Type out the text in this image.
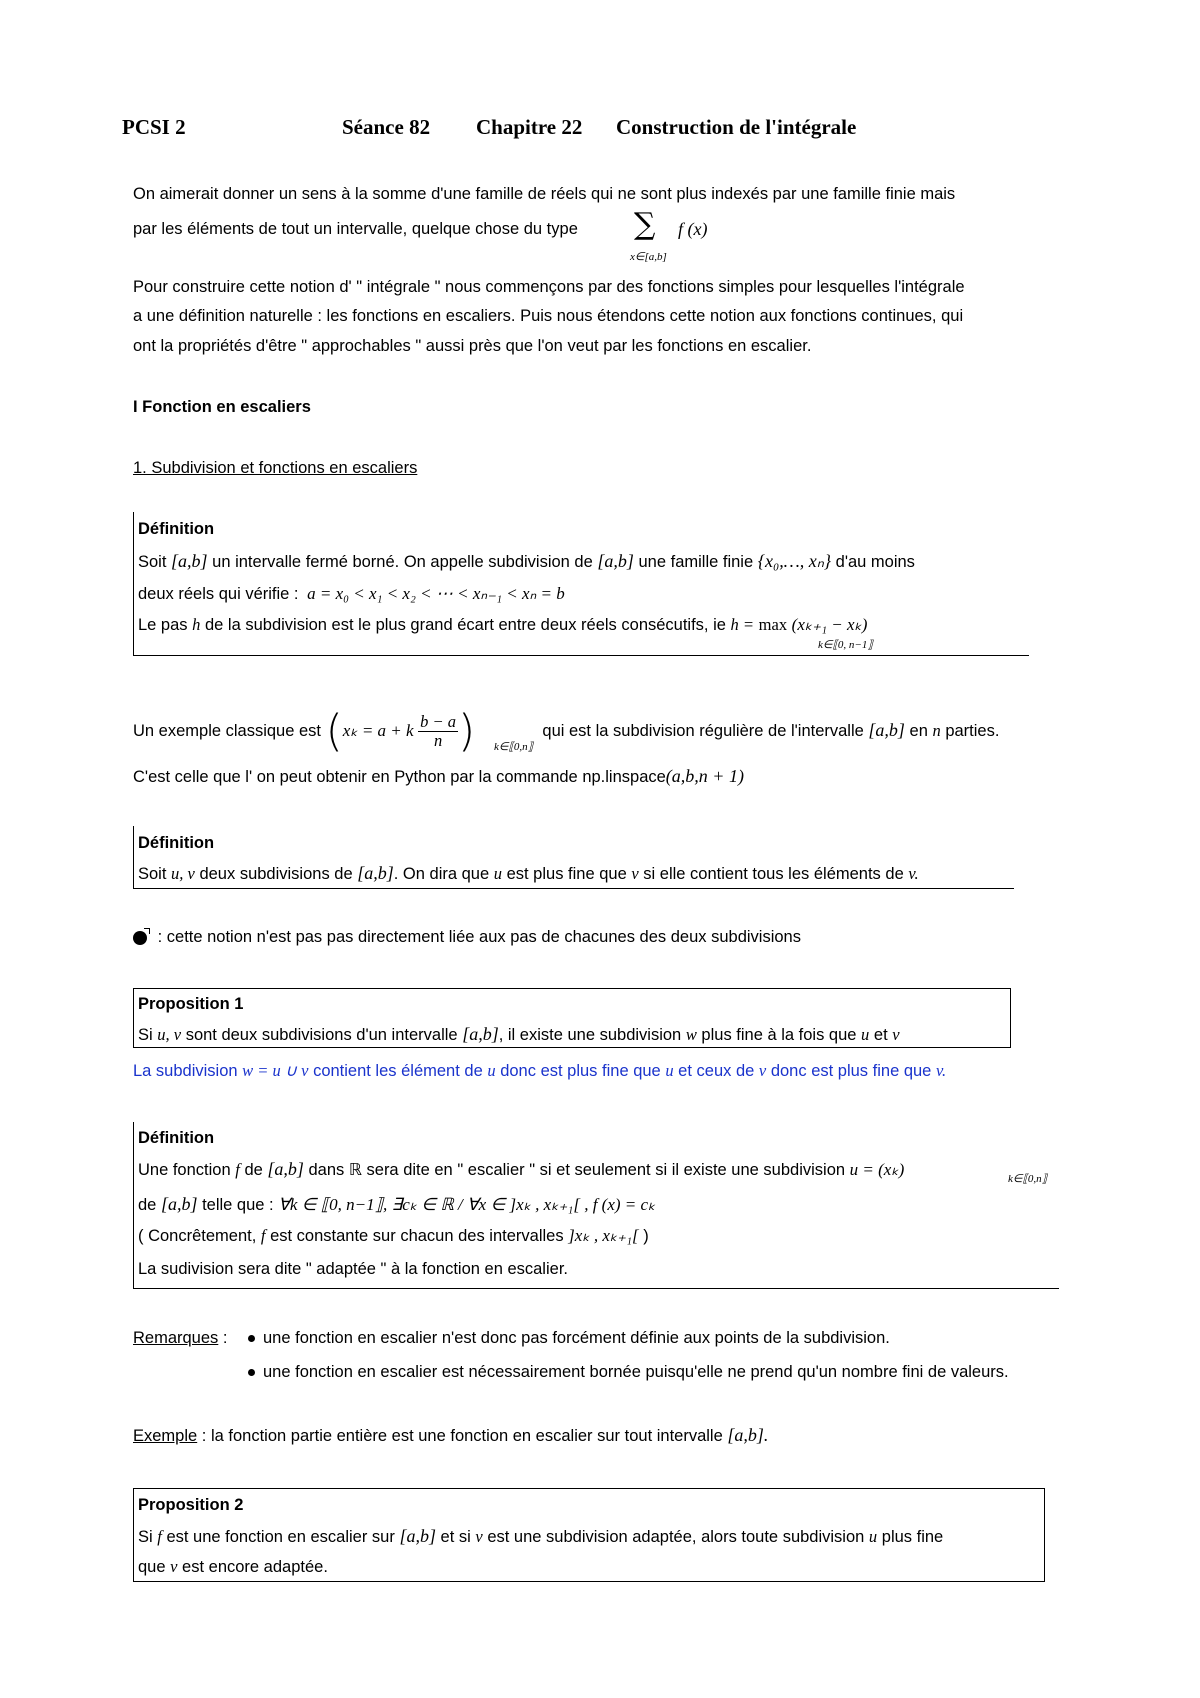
PCSI 2	Séance 82 Chapitre 22 Construction de l'intégrale
On aimerait donner un sens à la somme d'une famille de réels qui ne sont plus indexés par une famille finie mais
par les éléments de tout un intervalle, quelque chose du type ∑ f (x)
x∈[a,b]
Pour construire cette notion d' " intégrale " nous commençons par des fonctions simples pour lesquelles l'intégrale
a une définition naturelle : les fonctions en escaliers. Puis nous étendons cette notion aux fonctions continues, qui
ont la propriétés d'être " approchables " aussi près que l'on veut par les fonctions en escalier.
I Fonction en escaliers
1. Subdivision et fonctions en escaliers
Définition
Soit [a,b] un intervalle fermé borné. On appelle subdivision de [a,b] une famille finie {x₀,…, xₙ} d'au moins
deux réels qui vérifie : a = x₀ < x₁ < x₂ < ⋯ < xₙ₋₁ < xₙ = b
Le pas h de la subdivision est le plus grand écart entre deux réels consécutifs, ie h = max (xₖ₊₁ − xₖ)
k∈⟦0, n−1⟧
Un exemple classique est (xₖ = a + k $\frac{b - a}{n}$ )	qui est la subdivision régulière de l'intervalle [a,b] en n parties.
k∈⟦0,n⟧
C'est celle que l' on peut obtenir en Python par la commande np.linspace(a,b,n + 1)
Définition
Soit u, v deux subdivisions de [a,b]. On dira que u est plus fine que v si elle contient tous les éléments de v.
: cette notion n'est pas pas directement liée aux pas de chacunes des deux subdivisions
Proposition 1
Si u, v sont deux subdivisions d'un intervalle [a,b], il existe une subdivision w plus fine à la fois que u et v
La subdivision w = u ∪ v contient les élément de u donc est plus fine que u et ceux de v donc est plus fine que v.
Définition
Une fonction f de [a,b] dans ℝ sera dite en " escalier " si et seulement si il existe une subdivision u = (xₖ)	k∈⟦0,n⟧
de [a,b] telle que : ∀k ∈ ⟦0, n−1⟧, ∃cₖ ∈ ℝ / ∀x ∈ ]xₖ , xₖ₊₁[ , f (x) = cₖ
( Concrêtement, f est constante sur chacun des intervalles ]xₖ , xₖ₊₁[ )
La sudivision sera dite " adaptée " à la fonction en escalier.
Remarques :	une fonction en escalier n'est donc pas forcément définie aux points de la subdivision.
une fonction en escalier est nécessairement bornée puisqu'elle ne prend qu'un nombre fini de valeurs.
Exemple : la fonction partie entière est une fonction en escalier sur tout intervalle [a,b].
Proposition 2
Si f est une fonction en escalier sur [a,b] et si v est une subdivision adaptée, alors toute subdivision u plus fine
que v est encore adaptée.
